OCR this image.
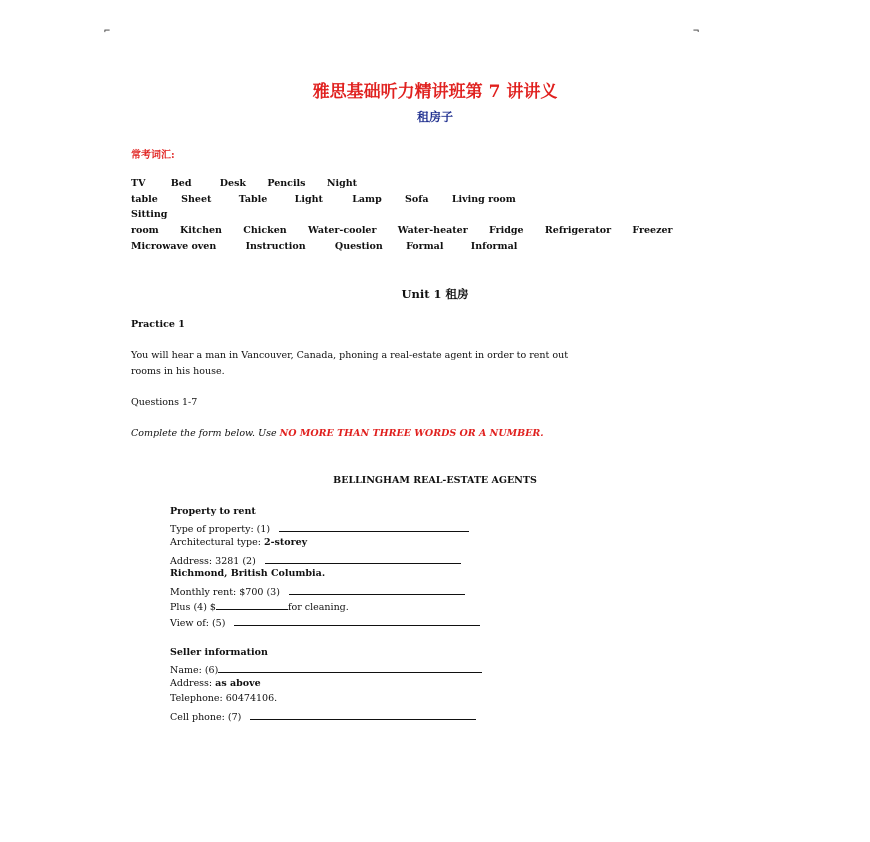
⌐	¬
雅思基础听力精讲班第 7 讲讲义
租房子
常考词汇:
TV	Bed	Desk Pencils Night
table Sheet	Table	Light	Lamp Sofa Living room
Sitting
room Kitchen Chicken Water-cooler Water-heater Fridge Refrigerator Freezer
Microwave oven	Instruction	Question Formal	Informal
Unit 1 租房
Practice 1
You will hear a man in Vancouver, Canada, phoning a real-estate agent in order to rent out
rooms in his house.
Questions 1-7
Complete the form below. Use NO MORE THAN THREE WORDS OR A NUMBER.
BELLINGHAM REAL-ESTATE AGENTS
Property to rent
Type of property: (1)
Architectural type: 2-storey
Address: 3281 (2)
Richmond, British Columbia.
Monthly rent: $700 (3)
Plus (4) $	for cleaning.
View of: (5)
Seller information
Name: (6)
Address: as above
Telephone: 60474106.
Cell phone: (7)
